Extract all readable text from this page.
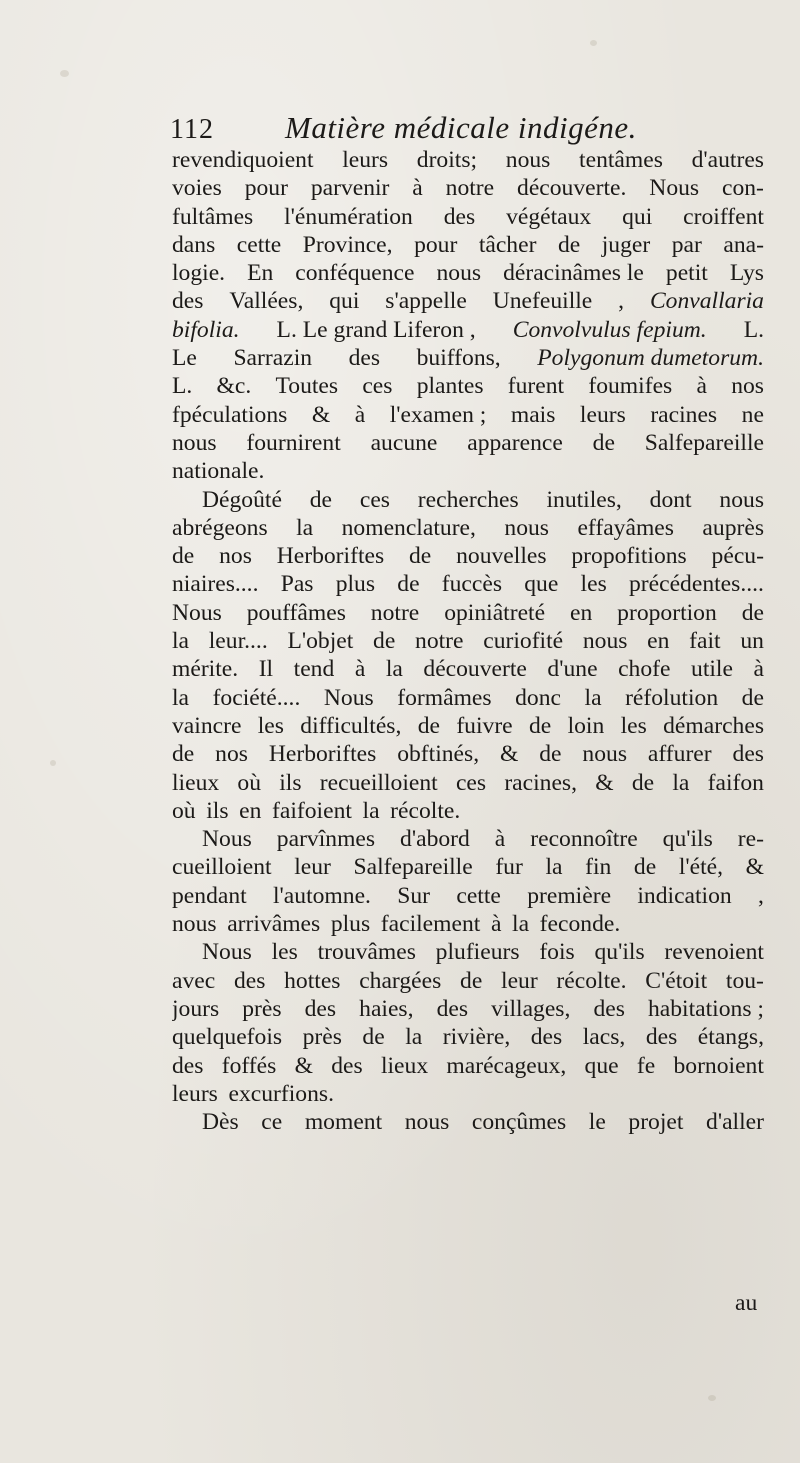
112 Matière médicale indigéne.
revendiquoient leurs droits; nous tentâmes d'autres
voies pour parvenir à notre découverte. Nous con-
fultâmes l'énumération des végétaux qui croiffent
dans cette Province, pour tâcher de juger par ana-
logie. En conféquence nous déracinâmes le petit Lys
des Vallées, qui s'appelle Unefeuille , Convallaria
bifolia. L. Le grand Liferon , Convolvulus fepium. L.
Le Sarrazin des buiffons, Polygonum dumetorum.
L. &c. Toutes ces plantes furent foumifes à nos
fpéculations & à l'examen ; mais leurs racines ne
nous fournirent aucune apparence de Salfepareille
nationale.
Dégoûté de ces recherches inutiles, dont nous
abrégeons la nomenclature, nous effayâmes auprès
de nos Herboriftes de nouvelles propofitions pécu-
niaires.... Pas plus de fuccès que les précédentes....
Nous pouffâmes notre opiniâtreté en proportion de
la leur.... L'objet de notre curiofité nous en fait un
mérite. Il tend à la découverte d'une chofe utile à
la fociété.... Nous formâmes donc la réfolution de
vaincre les difficultés, de fuivre de loin les démarches
de nos Herboriftes obftinés, & de nous affurer des
lieux où ils recueilloient ces racines, & de la faifon
où ils en faifoient la récolte.
Nous parvînmes d'abord à reconnoître qu'ils re-
cueilloient leur Salfepareille fur la fin de l'été, &
pendant l'automne. Sur cette première indication ,
nous arrivâmes plus facilement à la feconde.
Nous les trouvâmes plufieurs fois qu'ils revenoient
avec des hottes chargées de leur récolte. C'étoit tou-
jours près des haies, des villages, des habitations ;
quelquefois près de la rivière, des lacs, des étangs,
des foffés & des lieux marécageux, que fe bornoient
leurs excurfions.
Dès ce moment nous conçûmes le projet d'aller
au
